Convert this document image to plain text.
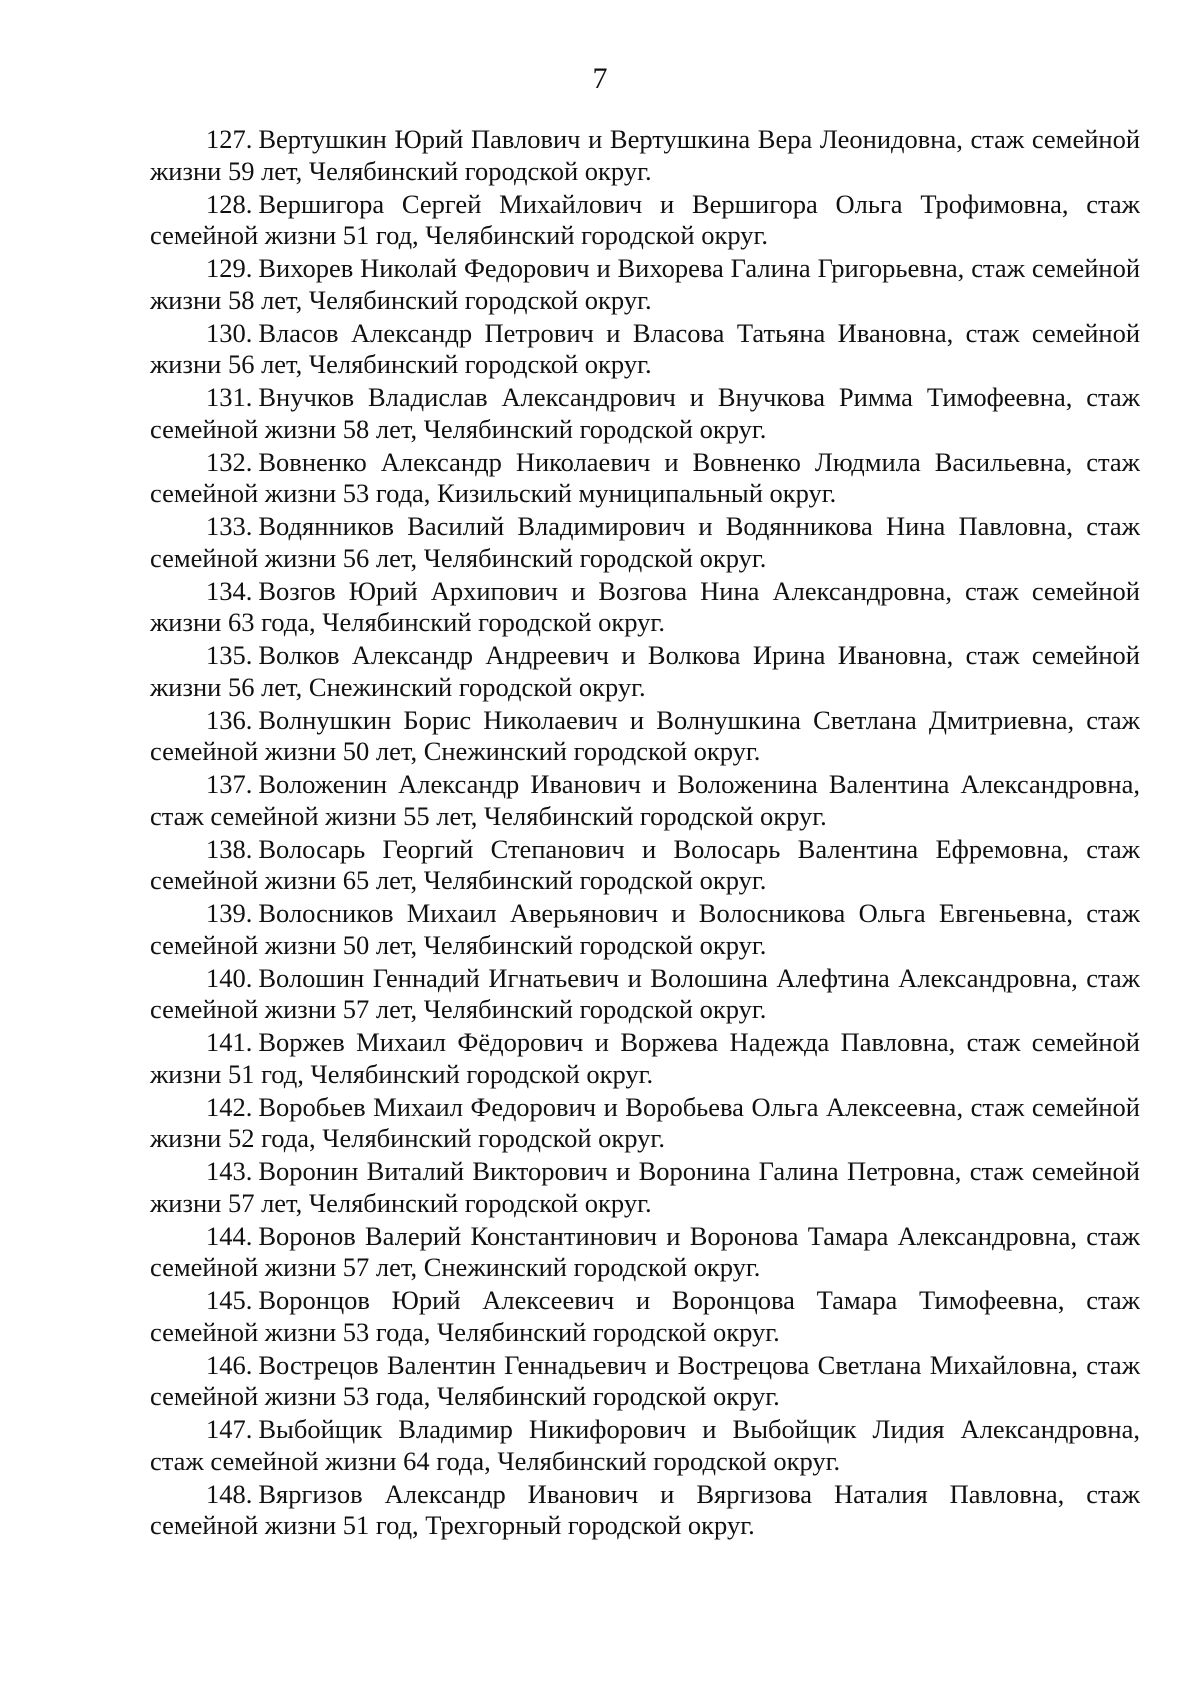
7

127. Вертушкин Юрий Павлович и Вертушкина Вера Леонидовна, стаж семейной жизни 59 лет, Челябинский городской округ.

128. Вершигора Сергей Михайлович и Вершигора Ольга Трофимовна, стаж семейной жизни 51 год, Челябинский городской округ.

129. Вихорев Николай Федорович и Вихорева Галина Григорьевна, стаж семейной жизни 58 лет, Челябинский городской округ.

130. Власов Александр Петрович и Власова Татьяна Ивановна, стаж семейной жизни 56 лет, Челябинский городской округ.

131. Внучков Владислав Александрович и Внучкова Римма Тимофеевна, стаж семейной жизни 58 лет, Челябинский городской округ.

132. Вовненко Александр Николаевич и Вовненко Людмила Васильевна, стаж семейной жизни 53 года, Кизильский муниципальный округ.

133. Водянников Василий Владимирович и Водянникова Нина Павловна, стаж семейной жизни 56 лет, Челябинский городской округ.

134. Возгов Юрий Архипович и Возгова Нина Александровна, стаж семейной жизни 63 года, Челябинский городской округ.

135. Волков Александр Андреевич и Волкова Ирина Ивановна, стаж семейной жизни 56 лет, Снежинский городской округ.

136. Волнушкин Борис Николаевич и Волнушкина Светлана Дмитриевна, стаж семейной жизни 50 лет, Снежинский городской округ.

137. Воложенин Александр Иванович и Воложенина Валентина Александровна, стаж семейной жизни 55 лет, Челябинский городской округ.

138. Волосарь Георгий Степанович и Волосарь Валентина Ефремовна, стаж семейной жизни 65 лет, Челябинский городской округ.

139. Волосников Михаил Аверьянович и Волосникова Ольга Евгеньевна, стаж семейной жизни 50 лет, Челябинский городской округ.

140. Волошин Геннадий Игнатьевич и Волошина Алефтина Александровна, стаж семейной жизни 57 лет, Челябинский городской округ.

141. Воржев Михаил Фёдорович и Воржева Надежда Павловна, стаж семейной жизни 51 год, Челябинский городской округ.

142. Воробьев Михаил Федорович и Воробьева Ольга Алексеевна, стаж семейной жизни 52 года, Челябинский городской округ.

143. Воронин Виталий Викторович и Воронина Галина Петровна, стаж семейной жизни 57 лет, Челябинский городской округ.

144. Воронов Валерий Константинович и Воронова Тамара Александровна, стаж семейной жизни 57 лет, Снежинский городской округ.

145. Воронцов Юрий Алексеевич и Воронцова Тамара Тимофеевна, стаж семейной жизни 53 года, Челябинский городской округ.

146. Вострецов Валентин Геннадьевич и Вострецова Светлана Михайловна, стаж семейной жизни 53 года, Челябинский городской округ.

147. Выбойщик Владимир Никифорович и Выбойщик Лидия Александровна, стаж семейной жизни 64 года, Челябинский городской округ.

148. Вяргизов Александр Иванович и Вяргизова Наталия Павловна, стаж семейной жизни 51 год, Трехгорный городской округ.
